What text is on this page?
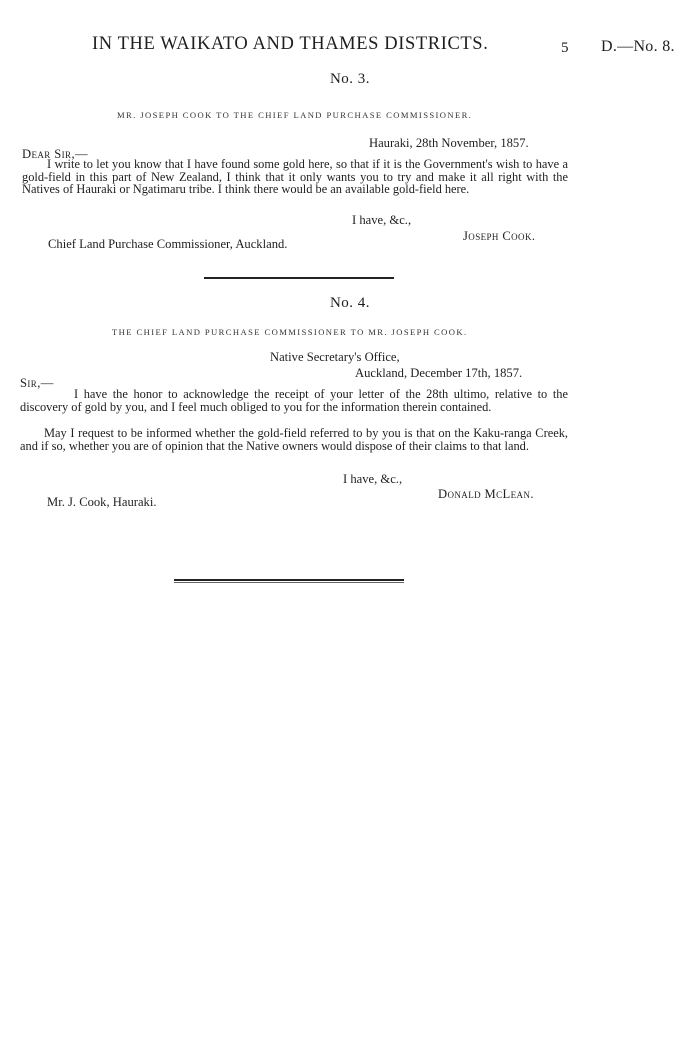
IN THE WAIKATO AND THAMES DISTRICTS.	5 D.—No. 8.
No. 3.
MR. JOSEPH COOK TO THE CHIEF LAND PURCHASE COMMISSIONER.
Hauraki, 28th November, 1857.
Dear Sir,—
I write to let you know that I have found some gold here, so that if it is the Government's wish to have a gold-field in this part of New Zealand, I think that it only wants you to try and make it all right with the Natives of Hauraki or Ngatimaru tribe. I think there would be an available gold-field here.
I have, &c.,
Joseph Cook.
Chief Land Purchase Commissioner, Auckland.
No. 4.
THE CHIEF LAND PURCHASE COMMISSIONER TO MR. JOSEPH COOK.
Native Secretary's Office,
Auckland, December 17th, 1857.
Sir,—
I have the honor to acknowledge the receipt of your letter of the 28th ultimo, relative to the discovery of gold by you, and I feel much obliged to you for the information therein contained.
May I request to be informed whether the gold-field referred to by you is that on the Kaku-ranga Creek, and if so, whether you are of opinion that the Native owners would dispose of their claims to that land.
I have, &c.,
Donald McLean.
Mr. J. Cook, Hauraki.
